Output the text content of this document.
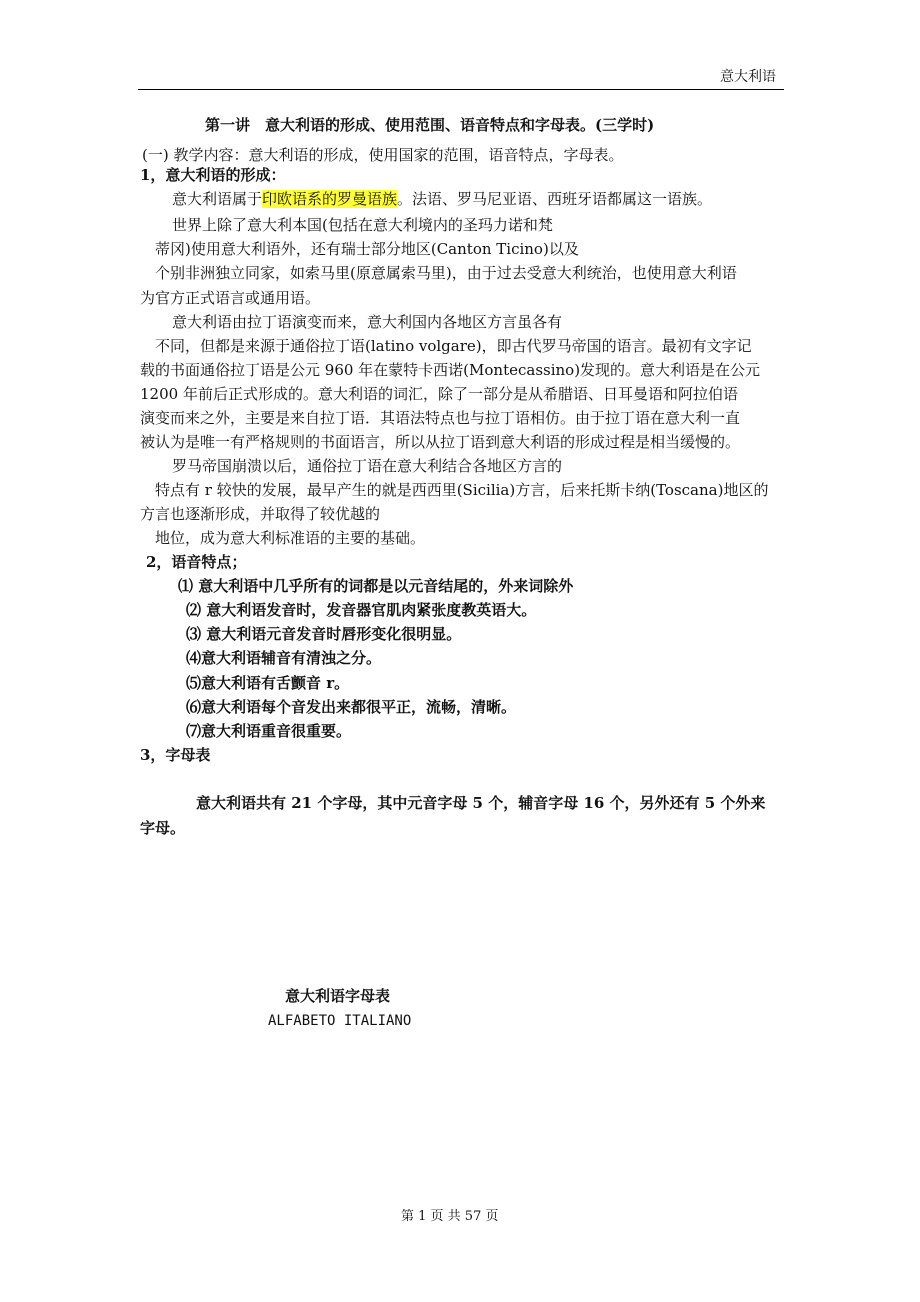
意大利语
第一讲　意大利语的形成、使用范围、语音特点和字母表。(三学时)
(一) 教学内容：意大利语的形成，使用国家的范围，语音特点，字母表。
1，意大利语的形成：
意大利语属于印欧语系的罗曼语族。法语、罗马尼亚语、西班牙语都属这一语族。
世界上除了意大利本国(包括在意大利境内的圣玛力诺和梵
蒂冈)使用意大利语外，还有瑞士部分地区(Canton Ticino)以及
个别非洲独立同家，如索马里(原意属索马里)，由于过去受意大利统治，也使用意大利语
为官方正式语言或通用语。
意大利语由拉丁语演变而来，意大利国内各地区方言虽各有
不同，但都是来源于通俗拉丁语(latino volgare)，即古代罗马帝国的语言。最初有文字记
载的书面通俗拉丁语是公元 960 年在蒙特卡西诺(Montecassino)发现的。意大利语是在公元
1200 年前后正式形成的。意大利语的词汇，除了一部分是从希腊语、日耳曼语和阿拉伯语
演变而来之外，主要是来自拉丁语．其语法特点也与拉丁语相仿。由于拉丁语在意大利一直
被认为是唯一有严格规则的书面语言，所以从拉丁语到意大利语的形成过程是相当缓慢的。
罗马帝国崩溃以后，通俗拉丁语在意大利结合各地区方言的
特点有 r 较快的发展，最早产生的就是西西里(Sicilia)方言，后来托斯卡纳(Toscana)地区的
方言也逐渐形成，并取得了较优越的
地位，成为意大利标准语的主要的基础。
2，语音特点；
⑴ 意大利语中几乎所有的词都是以元音结尾的，外来词除外
⑵ 意大利语发音时，发音器官肌肉紧张度教英语大。
⑶ 意大利语元音发音时唇形变化很明显。
⑷意大利语辅音有清浊之分。
⑸意大利语有舌颤音 r。
⑹意大利语每个音发出来都很平正，流畅，清晰。
⑺意大利语重音很重要。
3，字母表
意大利语共有 21 个字母，其中元音字母 5 个，辅音字母 16 个，另外还有 5 个外来
字母。
意大利语字母表
ALFABETO ITALIANO
第 1 页 共 57 页
